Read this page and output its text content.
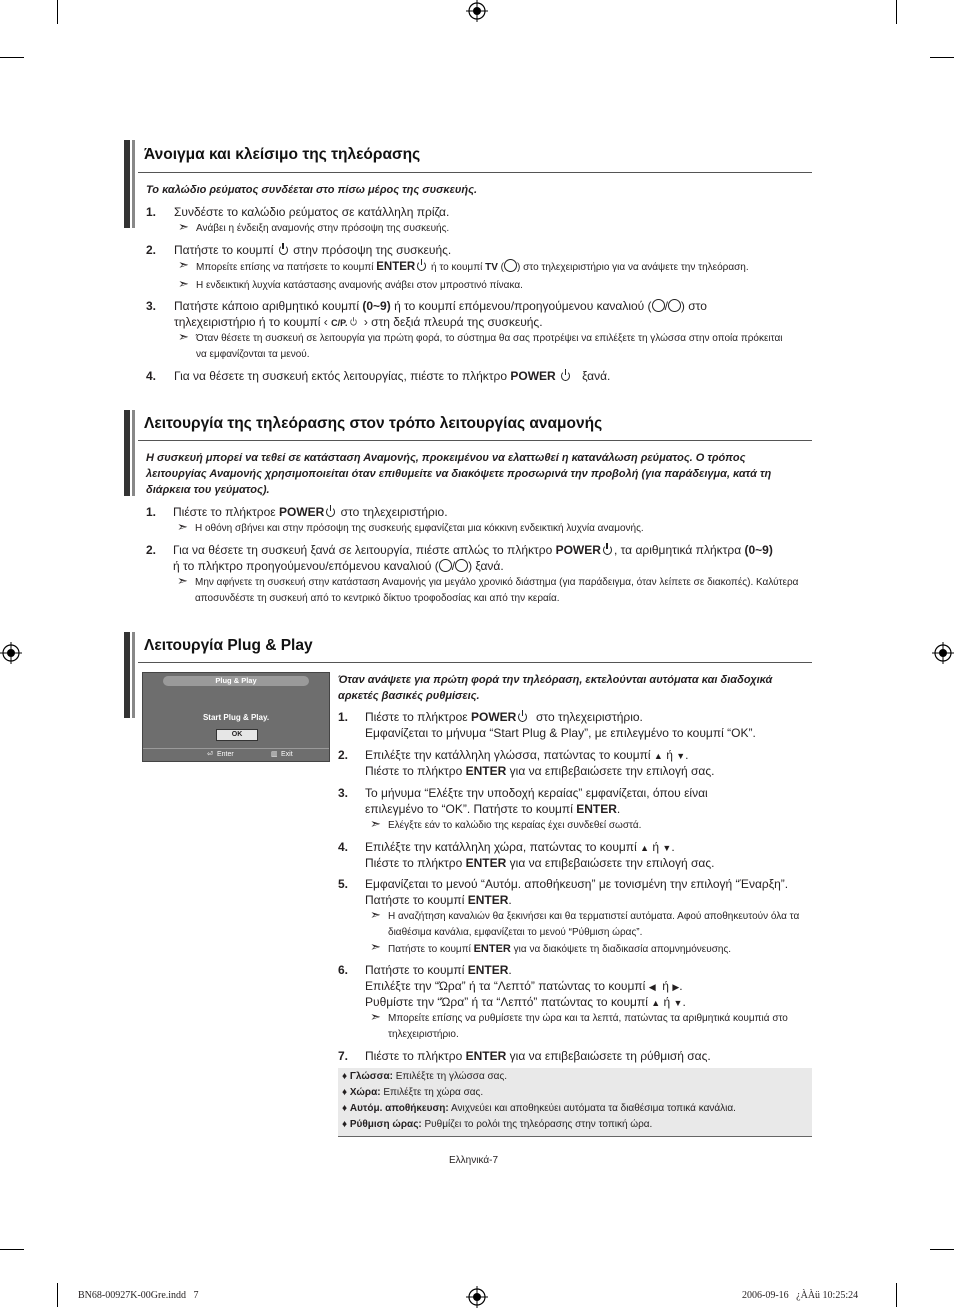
Άνοιγμα και κλείσιμο της τηλεόρασης
Το καλώδιο ρεύματος συνδέεται στο πίσω μέρος της συσκευής.
1. Συνδέστε το καλώδιο ρεύματος σε κατάλληλη πρίζα.
➣ Ανάβει η ένδειξη αναμονής στην πρόσοψη της συσκευής.
2. Πατήστε το κουμπί στην πρόσοψη της συσκευής.
➣ Μπορείτε επίσης να πατήσετε το κουμπί ENTER ή το κουμπί TV ( ) στο τηλεχειριστήριο για να ανάψετε την τηλεόραση.
➣ Η ενδεικτική λυχνία κατάστασης αναμονής ανάβει στον μπροστινό πίνακα.
3. Πατήστε κάποιο αριθμητικό κουμπί (0~9) ή το κουμπί επόμενου/προηγούμενου καναλιού ( / ) στο
τηλεχειριστήριο ή το κουμπί ‹ C/P. › στη δεξιά πλευρά της συσκευής.
➣ Όταν θέσετε τη συσκευή σε λειτουργία για πρώτη φορά, το σύστημα θα σας προτρέψει να επιλέξετε τη γλώσσα στην οποία πρόκειται να εμφανίζονται τα μενού.
4. Για να θέσετε τη συσκευή εκτός λειτουργίας, πιέστε το πλήκτρο POWER ξανά.
Λειτουργία της τηλεόρασης στον τρόπο λειτουργίας αναμονής
Η συσκευή μπορεί να τεθεί σε κατάσταση Αναμονής, προκειμένου να ελαττωθεί η κατανάλωση ρεύματος. Ο τρόπος λειτουργίας Αναμονής χρησιμοποιείται όταν επιθυμείτε να διακόψετε προσωρινά την προβολή (για παράδειγμα, κατά τη διάρκεια του γεύματος).
1. Πιέστε το πλήκτροε POWER στο τηλεχειριστήριο.
➣ Η οθόνη σβήνει και στην πρόσοψη της συσκευής εμφανίζεται μια κόκκινη ενδεικτική λυχνία αναμονής.
2. Για να θέσετε τη συσκευή ξανά σε λειτουργία, πιέστε απλώς το πλήκτρο POWER , τα αριθμητικά πλήκτρα (0~9)
ή το πλήκτρο προηγούμενου/επόμενου καναλιού ( / ) ξανά.
➣ Μην αφήνετε τη συσκευή στην κατάσταση Αναμονής για μεγάλο χρονικό διάστημα (για παράδειγμα, όταν λείπετε σε διακοπές). Καλύτερα αποσυνδέστε τη συσκευή από το κεντρικό δίκτυο τροφοδοσίας και από την κεραία.
Λειτουργία Plug & Play
Plug & Play
Start Plug & Play.
OK
⏎ Enter	▥ Exit
Όταν ανάψετε για πρώτη φορά την τηλεόραση, εκτελούνται αυτόματα και διαδοχικά αρκετές βασικές ρυθμίσεις.
1. Πιέστε το πλήκτροε POWER στο τηλεχειριστήριο.
Εμφανίζεται το μήνυμα “Start Plug & Play”, με επιλεγμένο το κουμπί “OK”.
2. Επιλέξτε την κατάλληλη γλώσσα, πατώντας το κουμπί ▲ ή ▼.
Πιέστε το πλήκτρο ENTER για να επιβεβαιώσετε την επιλογή σας.
3. Το μήνυμα “Ελέξτε την υποδοχή κεραίας” εμφανίζεται, όπου είναι
επιλεγμένο το “OK”. Πατήστε το κουμπί ENTER.
➣ Ελέγξτε εάν το καλώδιο της κεραίας έχει συνδεθεί σωστά.
4. Επιλέξτε την κατάλληλη χώρα, πατώντας το κουμπί ▲ ή ▼.
Πιέστε το πλήκτρο ENTER για να επιβεβαιώσετε την επιλογή σας.
5. Εμφανίζεται το μενού “Αυτόμ. αποθήκευση” με τονισμένη την επιλογή “Έναρξη”.
Πατήστε το κουμπί ENTER.
➣ Η αναζήτηση καναλιών θα ξεκινήσει και θα τερματιστεί αυτόματα. Αφού αποθηκευτούν όλα τα διαθέσιμα κανάλια, εμφανίζεται το μενού “Ρύθμιση ώρας”.
➣ Πατήστε το κουμπί ENTER για να διακόψετε τη διαδικασία απομνημόνευσης.
6. Πατήστε το κουμπί ENTER.
Επιλέξτε την “Ώρα” ή τα “Λεπτό” πατώντας το κουμπί ◀ ή ▶.
Ρυθμίστε την “Ώρα” ή τα “Λεπτό” πατώντας το κουμπί ▲ ή ▼.
➣ Μπορείτε επίσης να ρυθμίσετε την ώρα και τα λεπτά, πατώντας τα αριθμητικά κουμπιά στο τηλεχειριστήριο.
7. Πιέστε το πλήκτρο ENTER για να επιβεβαιώσετε τη ρύθμισή σας.
♦ Γλώσσα: Επιλέξτε τη γλώσσα σας.
♦ Χώρα: Επιλέξτε τη χώρα σας.
♦ Αυτόμ. αποθήκευση: Ανιχνεύει και αποθηκεύει αυτόματα τα διαθέσιμα τοπικά κανάλια.
♦ Ρύθμιση ώρας: Ρυθμίζει το ρολόι της τηλεόρασης στην τοπική ώρα.
Ελληνικά-7
BN68-00927K-00Gre.indd   7	2006-09-16   ¿ÀÀü 10:25:24
